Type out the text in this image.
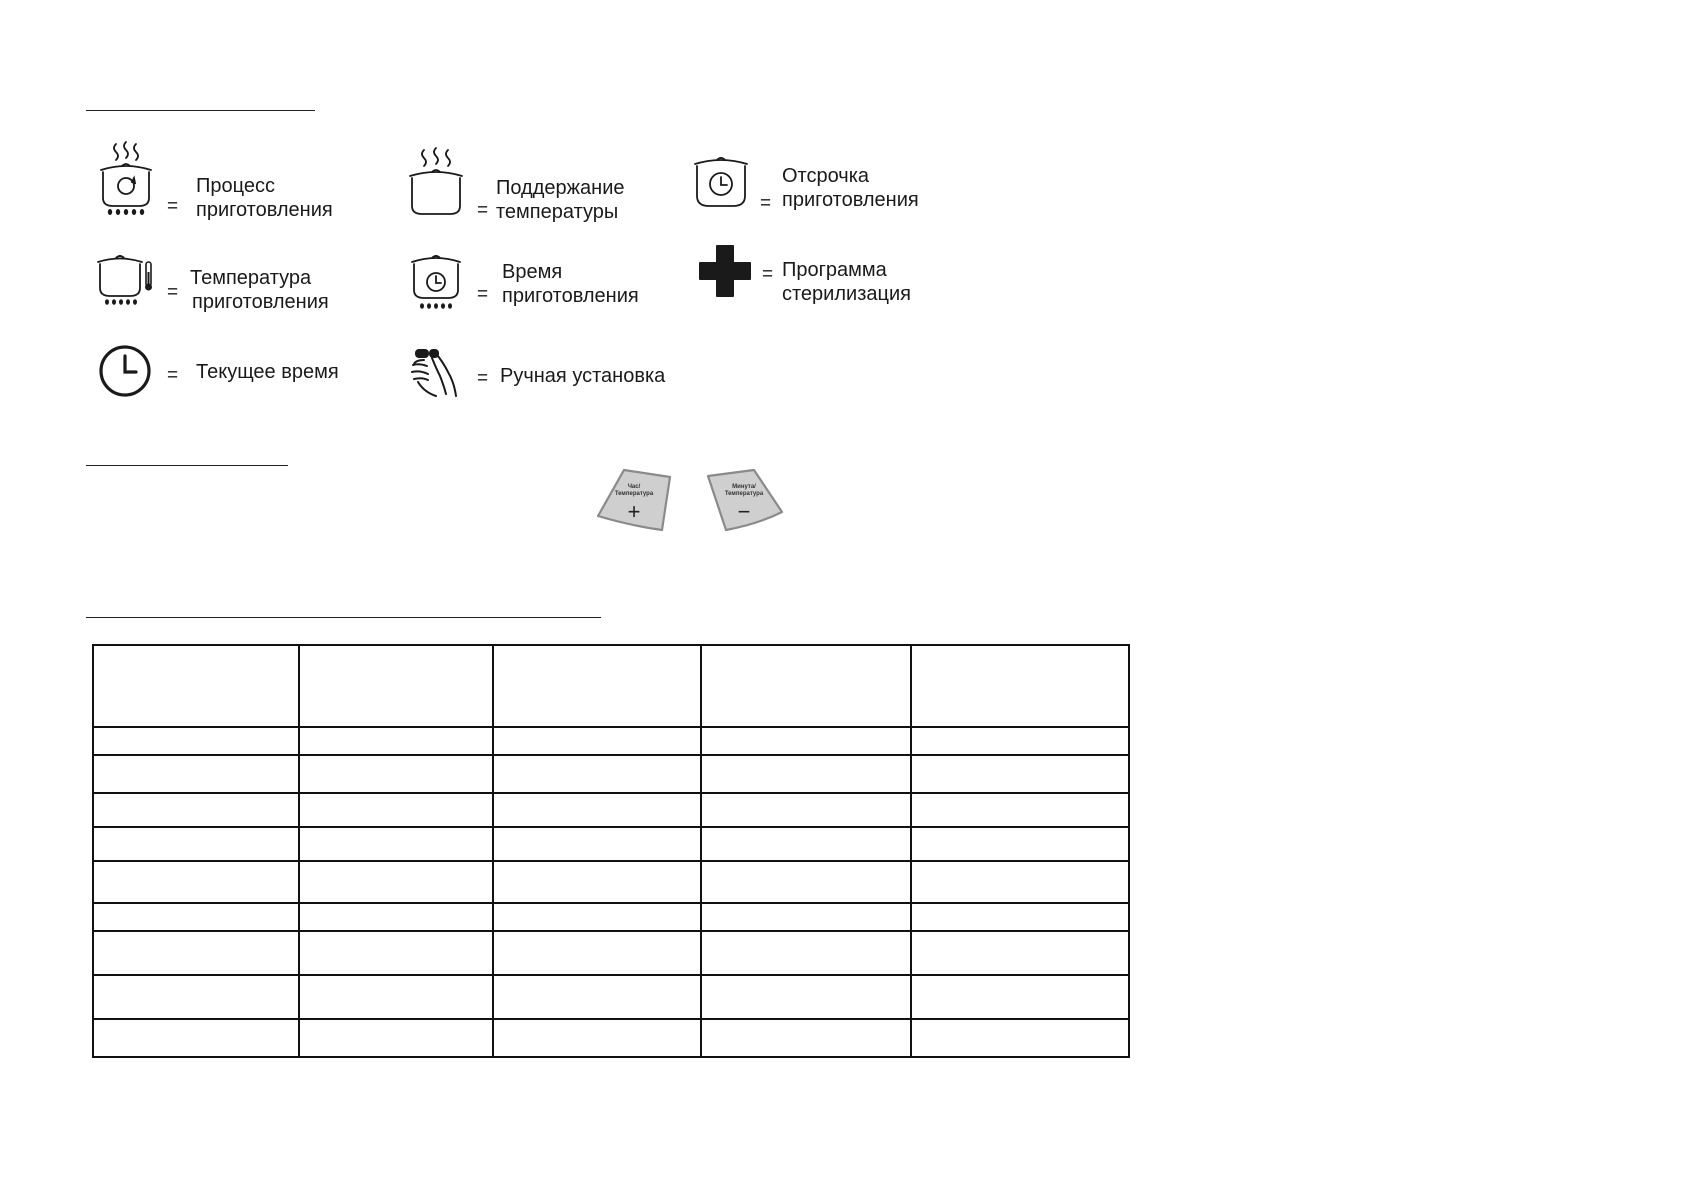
=
Процесс
приготовления	=
Поддержание
температуры	=
Отсрочка
приготовления
=
Температура
приготовления	=
Время
приготовления
= Программа
стерилизация
= Текущее время	= Ручная установка
Час/
Температура
+
Минута/
Температура
−
